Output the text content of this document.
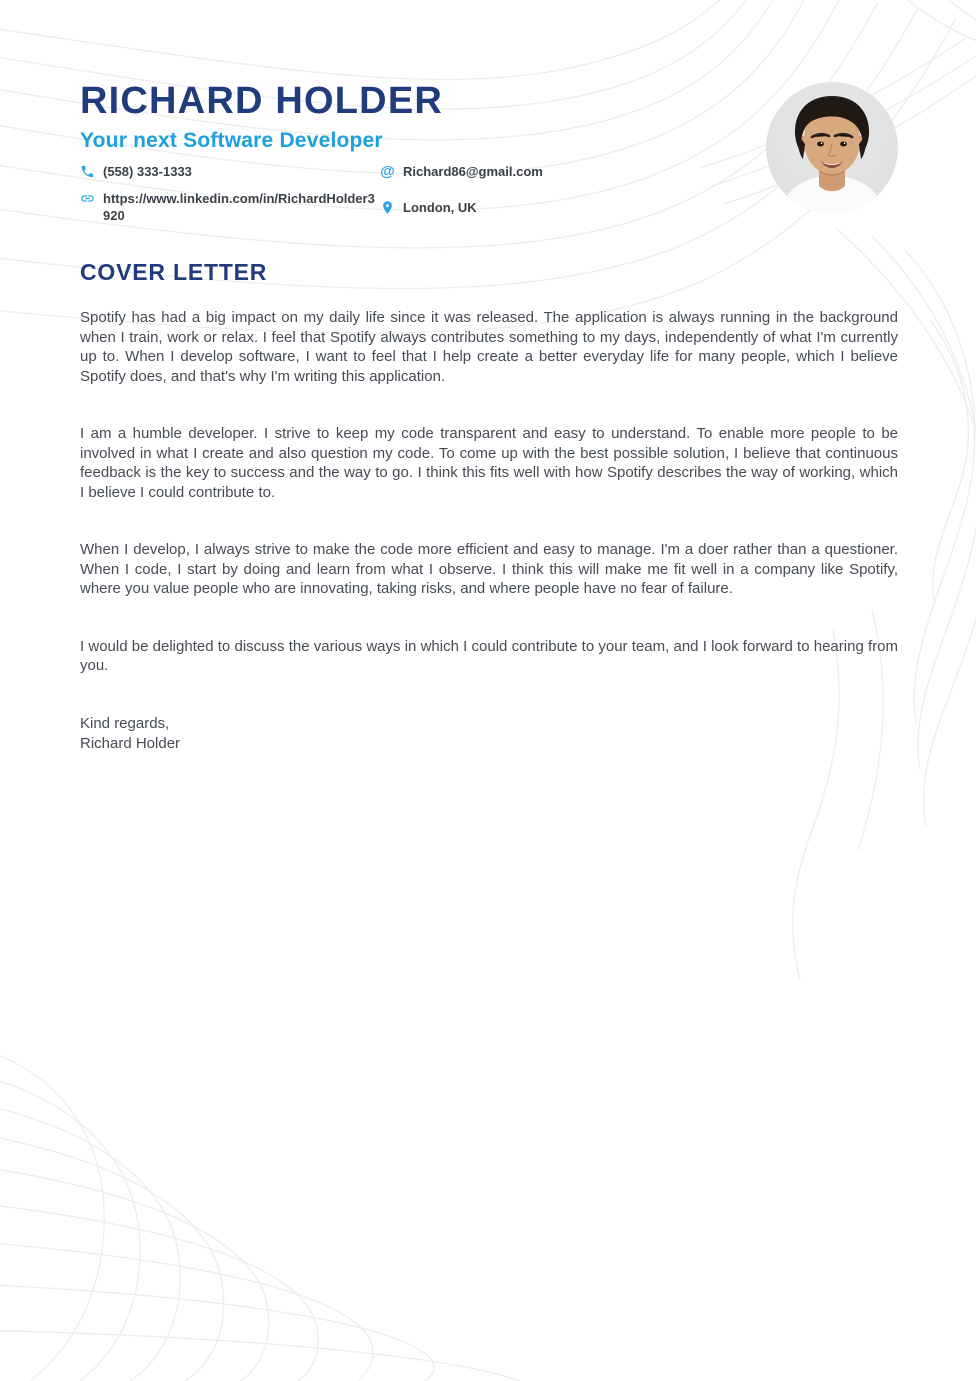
RICHARD HOLDER
Your next Software Developer
(558) 333-1333	@ Richard86@gmail.com
https://www.linkedin.com/in/RichardHolder3920
London, UK
COVER LETTER

Spotify has had a big impact on my daily life since it was released. The application is always running in the background when I train, work or relax. I feel that Spotify always contributes something to my days, independently of what I'm currently up to. When I develop software, I want to feel that I help create a better everyday life for many people, which I believe Spotify does, and that's why I'm writing this application.

I am a humble developer. I strive to keep my code transparent and easy to understand. To enable more people to be involved in what I create and also question my code. To come up with the best possible solution, I believe that continuous feedback is the key to success and the way to go. I think this fits well with how Spotify describes the way of working, which I believe I could contribute to.

When I develop, I always strive to make the code more efficient and easy to manage. I'm a doer rather than a questioner. When I code, I start by doing and learn from what I observe. I think this will make me fit well in a company like Spotify, where you value people who are innovating, taking risks, and where people have no fear of failure.

I would be delighted to discuss the various ways in which I could contribute to your team, and I look forward to hearing from you.

Kind regards,
Richard Holder
